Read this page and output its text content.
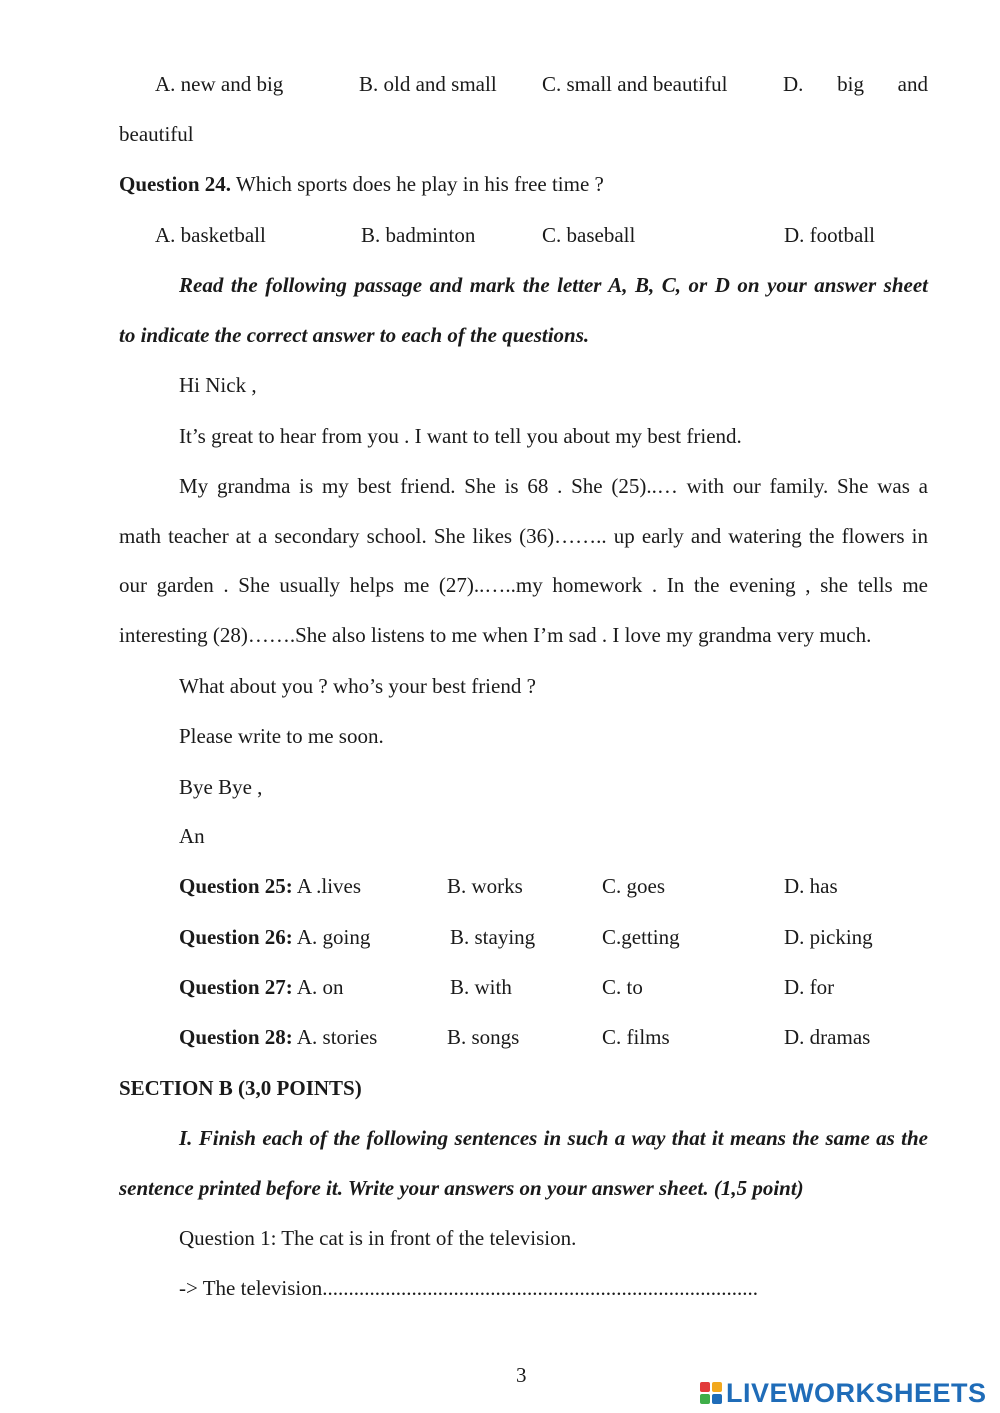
A. new and big	B. old and small C. small and beautiful	D. big and
beautiful
Question 24. Which sports does he play in his free time ?
A. basketball	B. badminton	C. baseball	D. football
Read the following passage and mark the letter A, B, C, or D on your answer sheet
to indicate the correct answer to each of the questions.
Hi Nick ,
It’s great to hear from you . I want to tell you about my best friend.
My grandma is my best friend. She is 68 . She (25)..… with our family. She was a
math teacher at a secondary school. She likes (36)…….. up early and watering the flowers in
our garden . She usually helps me (27)..…..my homework . In the evening , she tells me
interesting (28)…….She also listens to me when I’m sad . I love my grandma very much.
What about you ? who’s your best friend ?
Please write to me soon.
Bye Bye ,
An
Question 25: A .lives	B. works	C. goes	D. has
Question 26: A. going	B. staying	C.getting	D. picking
Question 27: A. on	B. with	C. to	D. for
Question 28: A. stories	B. songs	C. films	D. dramas
SECTION B (3,0 POINTS)
I. Finish each of the following sentences in such a way that it means the same as the
sentence printed before it. Write your answers on your answer sheet. (1,5 point)
Question 1: The cat is in front of the television.
-> The television...................................................................................
3
LIVEWORKSHEETS
